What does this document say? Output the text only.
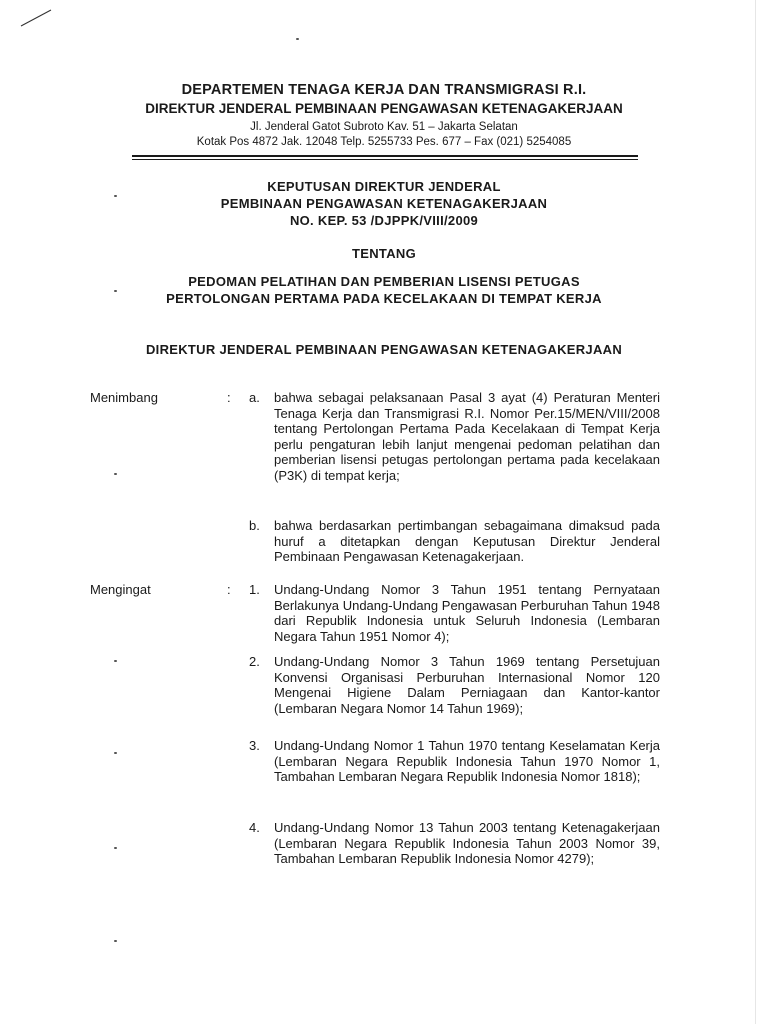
DEPARTEMEN TENAGA KERJA DAN TRANSMIGRASI R.I.
DIREKTUR JENDERAL PEMBINAAN PENGAWASAN KETENAGAKERJAAN
Jl. Jenderal Gatot Subroto Kav. 51 – Jakarta Selatan
Kotak Pos 4872 Jak. 12048 Telp. 5255733 Pes. 677 – Fax (021) 5254085
KEPUTUSAN DIREKTUR JENDERAL
PEMBINAAN PENGAWASAN KETENAGAKERJAAN
NO. KEP. 53 /DJPPK/VIII/2009
TENTANG
PEDOMAN PELATIHAN DAN PEMBERIAN LISENSI PETUGAS
PERTOLONGAN PERTAMA PADA KECELAKAAN DI TEMPAT KERJA
DIREKTUR JENDERAL PEMBINAAN PENGAWASAN KETENAGAKERJAAN
Menimbang	: a. bahwa sebagai pelaksanaan Pasal 3 ayat (4) Peraturan Menteri Tenaga Kerja dan Transmigrasi R.I. Nomor Per.15/MEN/VIII/2008 tentang Pertolongan Pertama Pada Kecelakaan di Tempat Kerja perlu pengaturan lebih lanjut mengenai pedoman pelatihan dan pemberian lisensi petugas pertolongan pertama pada kecelakaan (P3K) di tempat kerja;
b. bahwa berdasarkan pertimbangan sebagaimana dimaksud pada huruf a ditetapkan dengan Keputusan Direktur Jenderal Pembinaan Pengawasan Ketenagakerjaan.
Mengingat	: 1. Undang-Undang Nomor 3 Tahun 1951 tentang Pernyataan Berlakunya Undang-Undang Pengawasan Perburuhan Tahun 1948 dari Republik Indonesia untuk Seluruh Indonesia (Lembaran Negara Tahun 1951 Nomor 4);
2. Undang-Undang Nomor 3 Tahun 1969 tentang Persetujuan Konvensi Organisasi Perburuhan Internasional Nomor 120 Mengenai Higiene Dalam Perniagaan dan Kantor-kantor (Lembaran Negara Nomor 14 Tahun 1969);
3. Undang-Undang Nomor 1 Tahun 1970 tentang Keselamatan Kerja (Lembaran Negara Republik Indonesia Tahun 1970 Nomor 1, Tambahan Lembaran Negara Republik Indonesia Nomor 1818);
4. Undang-Undang Nomor 13 Tahun 2003 tentang Ketenagakerjaan (Lembaran Negara Republik Indonesia Tahun 2003 Nomor 39, Tambahan Lembaran Republik Indonesia Nomor 4279);
